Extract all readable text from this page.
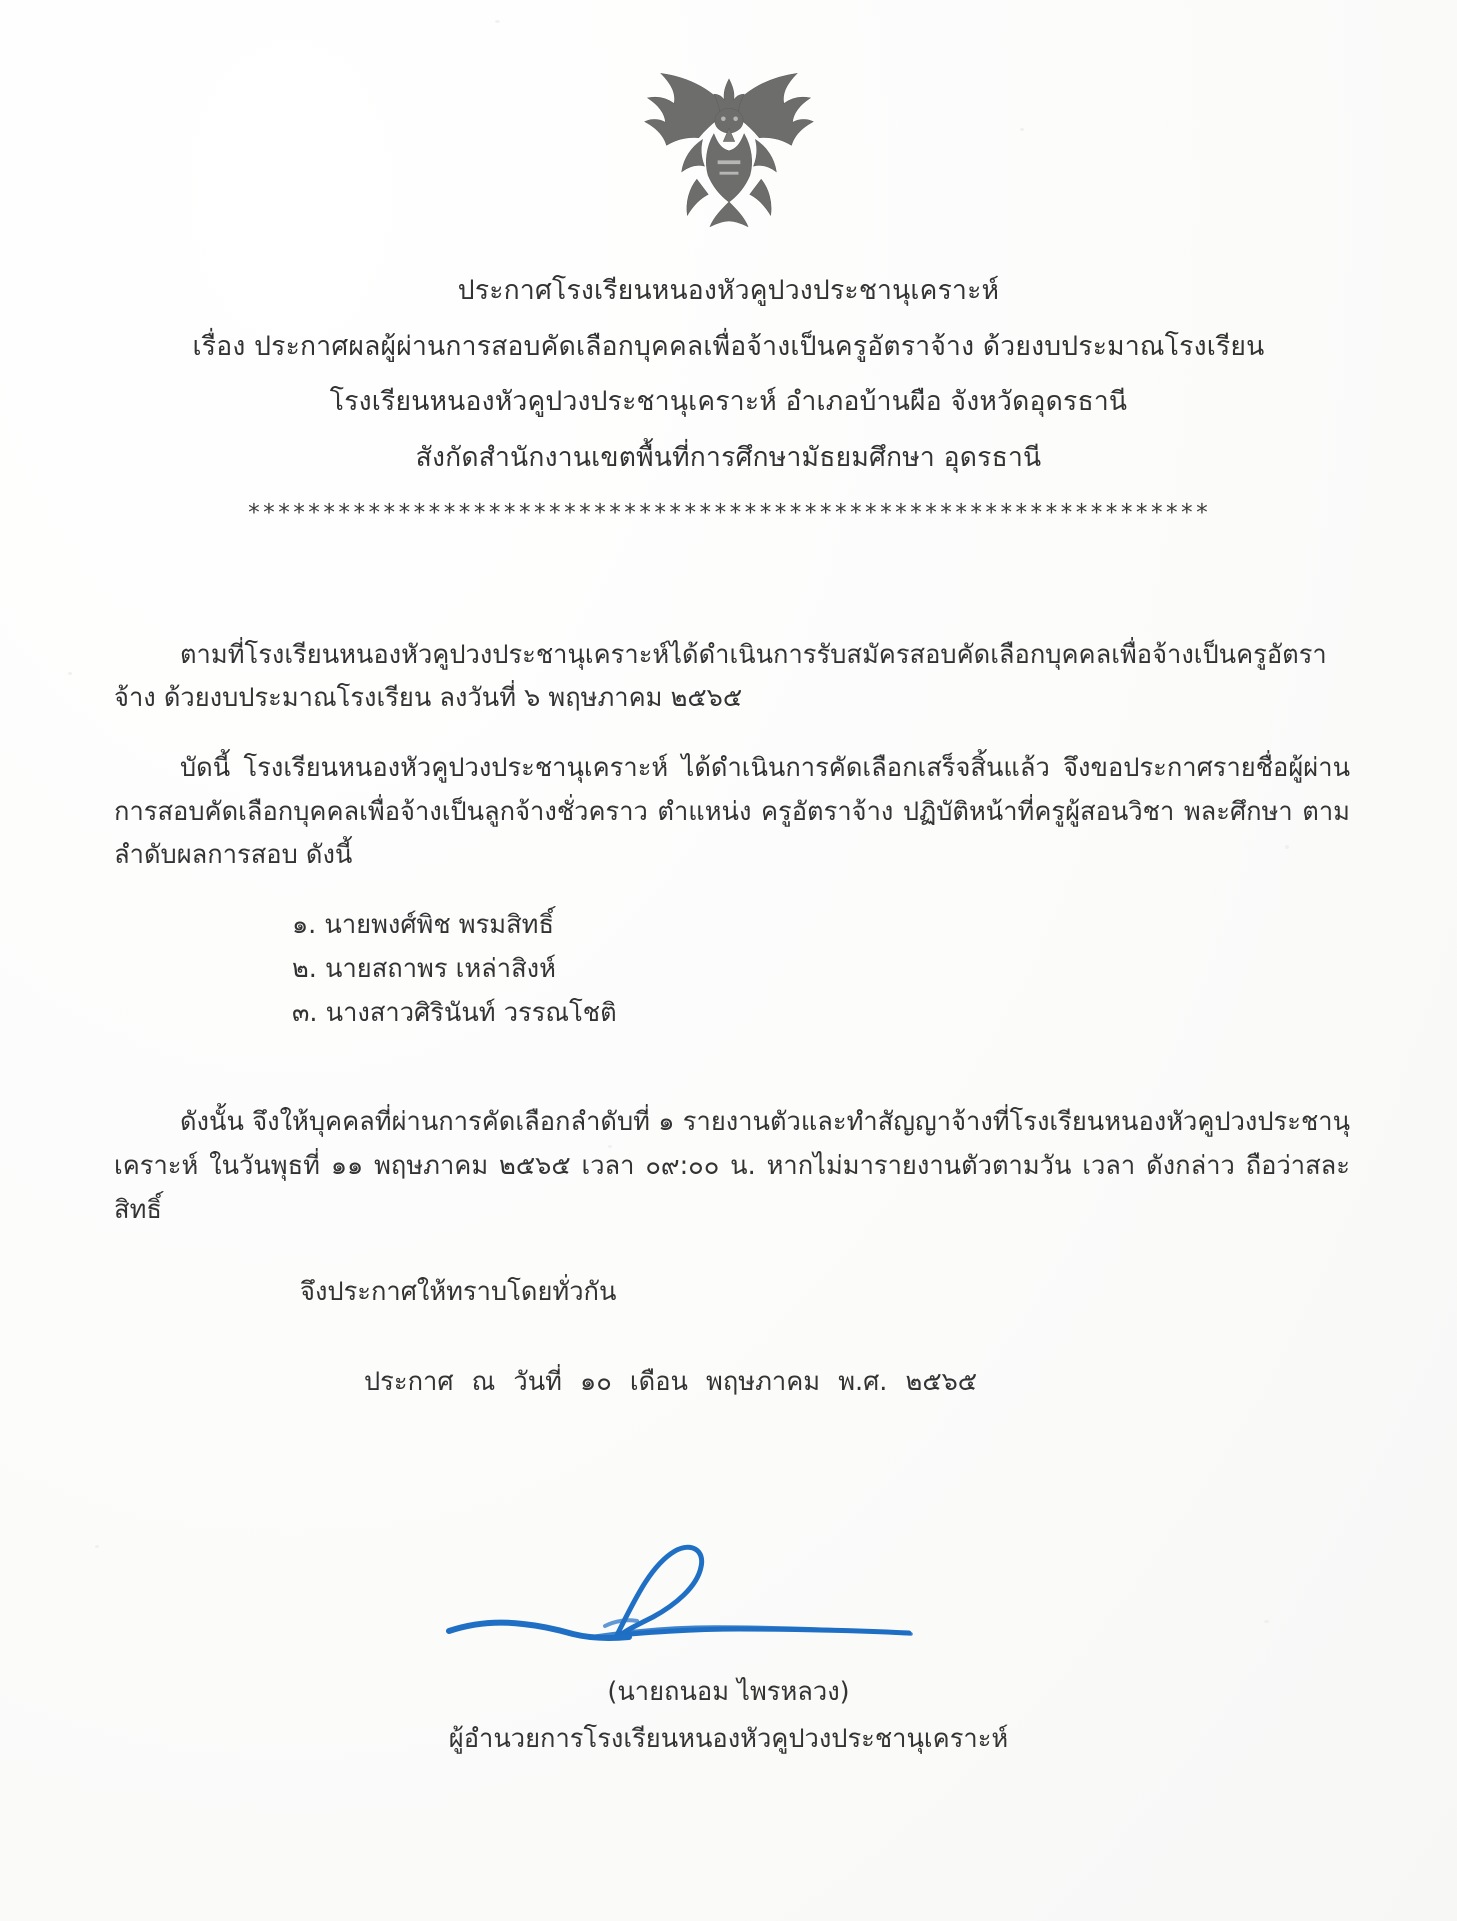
ประกาศโรงเรียนหนองหัวคูปวงประชานุเคราะห์
เรื่อง ประกาศผลผู้ผ่านการสอบคัดเลือกบุคคลเพื่อจ้างเป็นครูอัตราจ้าง ด้วยงบประมาณโรงเรียน
โรงเรียนหนองหัวคูปวงประชานุเคราะห์ อำเภอบ้านผือ จังหวัดอุดรธานี
สังกัดสำนักงานเขตพื้นที่การศึกษามัธยมศึกษา อุดรธานี
****************************************************************

ตามที่โรงเรียนหนองหัวคูปวงประชานุเคราะห์ได้ดำเนินการรับสมัครสอบคัดเลือกบุคคลเพื่อจ้างเป็นครูอัตราจ้าง ด้วยงบประมาณโรงเรียน ลงวันที่ ๖ พฤษภาคม ๒๕๖๕

บัดนี้ โรงเรียนหนองหัวคูปวงประชานุเคราะห์ ได้ดำเนินการคัดเลือกเสร็จสิ้นแล้ว จึงขอประกาศรายชื่อผู้ผ่านการสอบคัดเลือกบุคคลเพื่อจ้างเป็นลูกจ้างชั่วคราว ตำแหน่ง ครูอัตราจ้าง ปฏิบัติหน้าที่ครูผู้สอนวิชา พละศึกษา ตามลำดับผลการสอบ ดังนี้

๑. นายพงศ์พิช พรมสิทธิ์
๒. นายสถาพร เหล่าสิงห์
๓. นางสาวศิรินันท์ วรรณโชติ

ดังนั้น จึงให้บุคคลที่ผ่านการคัดเลือกลำดับที่ ๑ รายงานตัวและทำสัญญาจ้างที่โรงเรียนหนองหัวคูปวงประชานุเคราะห์ ในวันพุธที่ ๑๑ พฤษภาคม ๒๕๖๕ เวลา ๐๙:๐๐ น. หากไม่มารายงานตัวตามวัน เวลา ดังกล่าว ถือว่าสละสิทธิ์

จึงประกาศให้ทราบโดยทั่วกัน

ประกาศ ณ วันที่ ๑๐ เดือน พฤษภาคม พ.ศ. ๒๕๖๕

(นายถนอม ไพรหลวง)
ผู้อำนวยการโรงเรียนหนองหัวคูปวงประชานุเคราะห์
